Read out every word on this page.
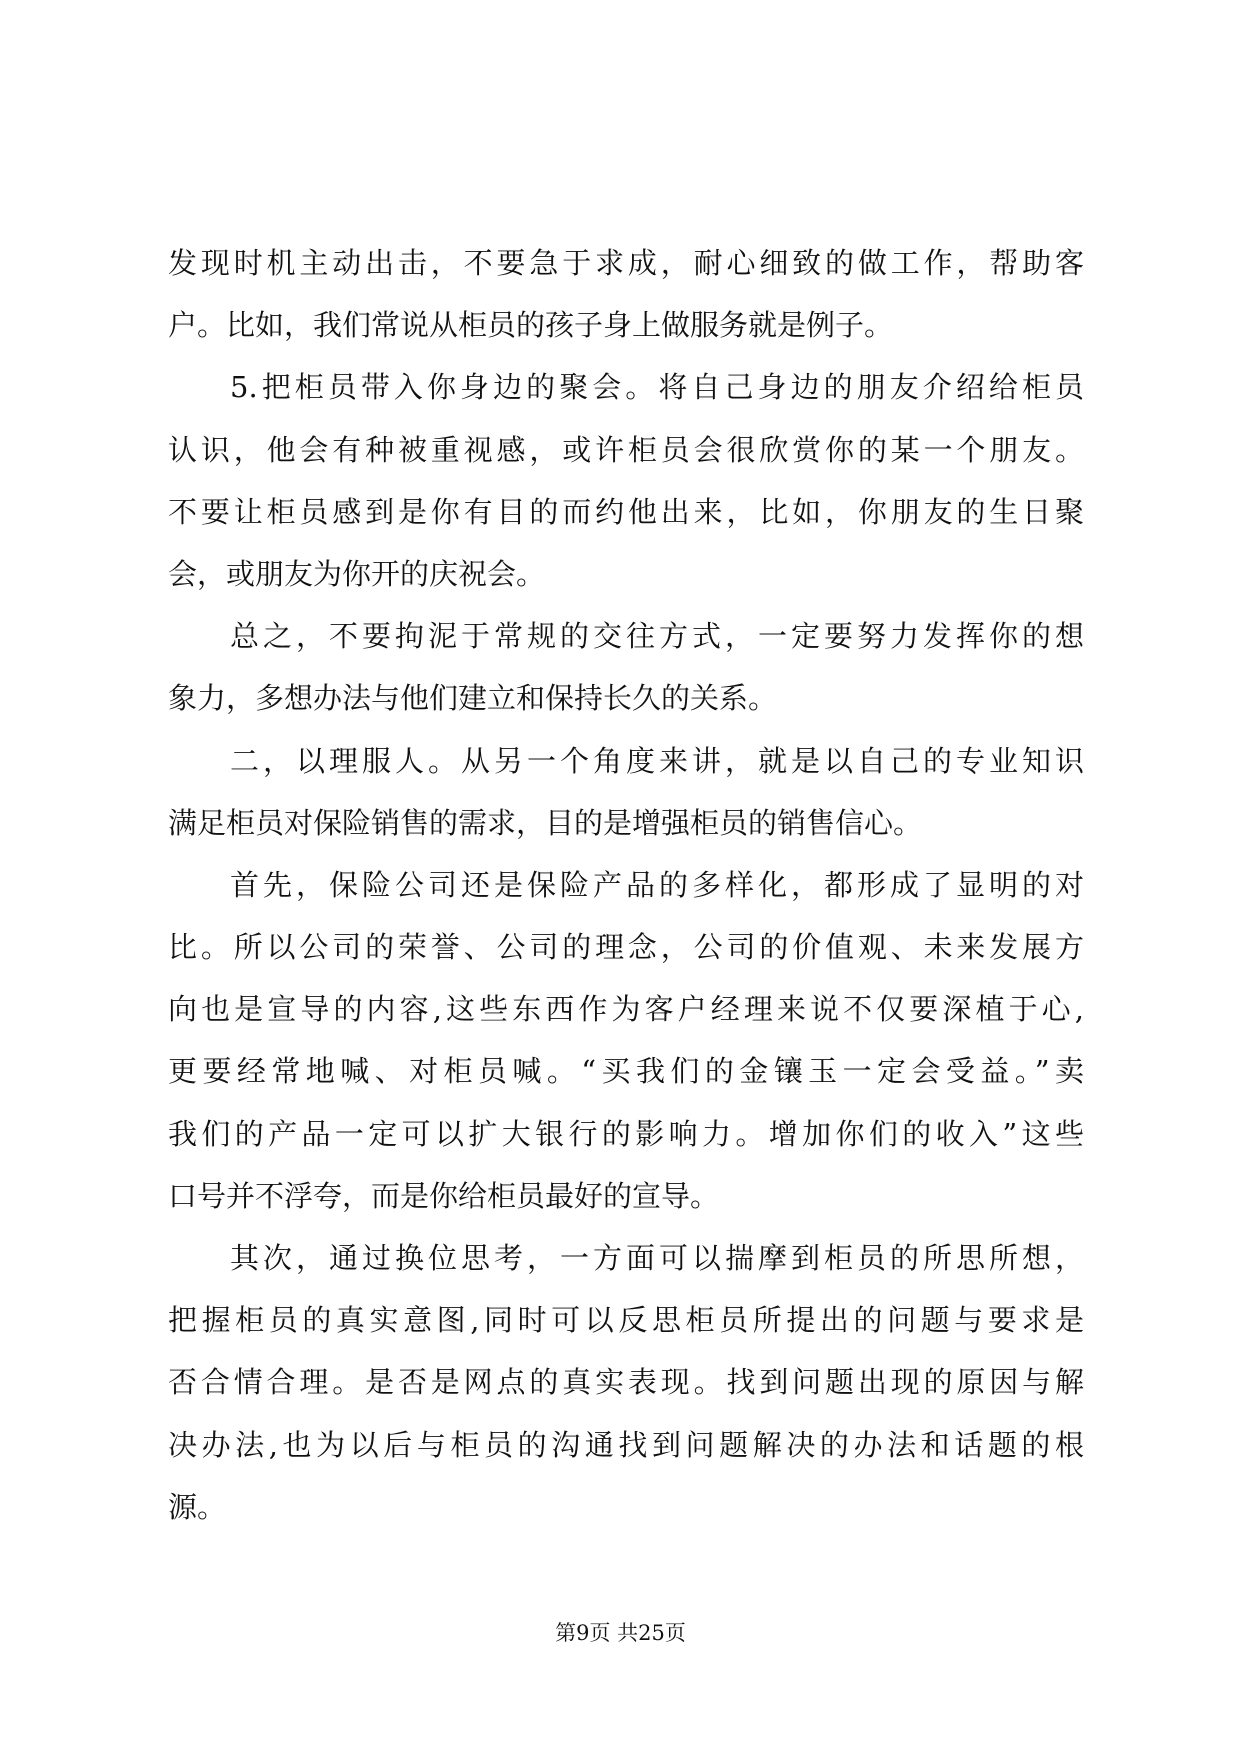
发现时机主动出击，不要急于求成，耐心细致的做工作，帮助客
户。比如，我们常说从柜员的孩子身上做服务就是例子。
5.把柜员带入你身边的聚会。将自己身边的朋友介绍给柜员
认识，他会有种被重视感，或许柜员会很欣赏你的某一个朋友。
不要让柜员感到是你有目的而约他出来，比如，你朋友的生日聚
会，或朋友为你开的庆祝会。
总之，不要拘泥于常规的交往方式，一定要努力发挥你的想
象力，多想办法与他们建立和保持长久的关系。
二，以理服人。从另一个角度来讲，就是以自己的专业知识
满足柜员对保险销售的需求，目的是增强柜员的销售信心。
首先，保险公司还是保险产品的多样化，都形成了显明的对
比。所以公司的荣誉、公司的理念，公司的价值观、未来发展方
向也是宣导的内容,这些东西作为客户经理来说不仅要深植于心,
更要经常地喊、对柜员喊。“买我们的金镶玉一定会受益。”卖
我们的产品一定可以扩大银行的影响力。增加你们的收入”这些
口号并不浮夸，而是你给柜员最好的宣导。
其次，通过换位思考，一方面可以揣摩到柜员的所思所想，
把握柜员的真实意图,同时可以反思柜员所提出的问题与要求是
否合情合理。是否是网点的真实表现。找到问题出现的原因与解
决办法,也为以后与柜员的沟通找到问题解决的办法和话题的根
源。
第9页 共25页
